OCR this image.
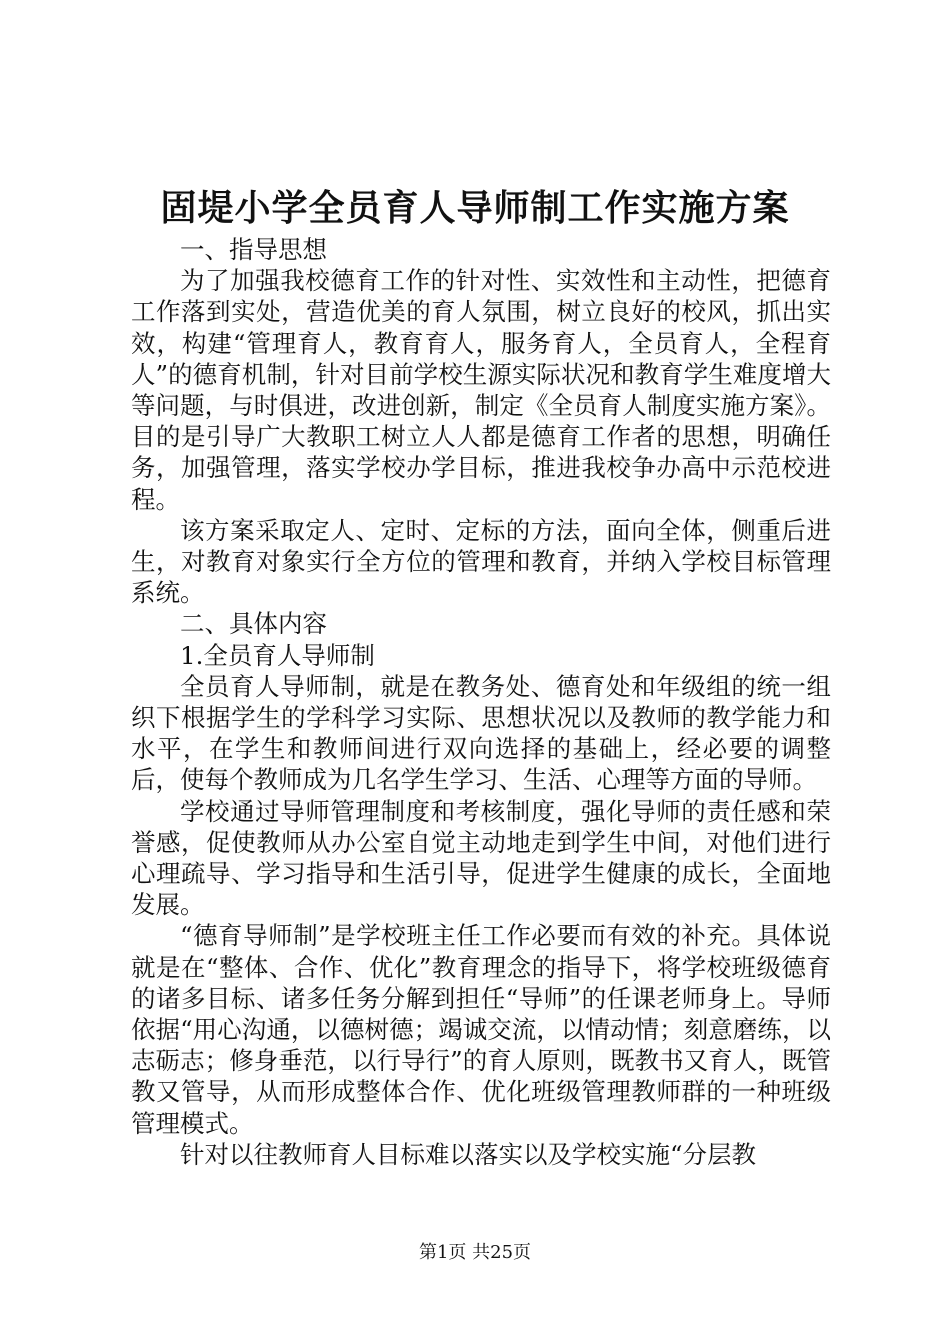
固堤小学全员育人导师制工作实施方案

一、指导思想

为了加强我校德育工作的针对性、实效性和主动性，把德育工作落到实处，营造优美的育人氛围，树立良好的校风，抓出实效，构建“管理育人，教育育人，服务育人，全员育人，全程育人”的德育机制，针对目前学校生源实际状况和教育学生难度增大等问题，与时俱进，改进创新，制定《全员育人制度实施方案》。目的是引导广大教职工树立人人都是德育工作者的思想，明确任务，加强管理，落实学校办学目标，推进我校争办高中示范校进程。

该方案采取定人、定时、定标的方法，面向全体，侧重后进生，对教育对象实行全方位的管理和教育，并纳入学校目标管理系统。

二、具体内容

1.全员育人导师制

全员育人导师制，就是在教务处、德育处和年级组的统一组织下根据学生的学科学习实际、思想状况以及教师的教学能力和水平，在学生和教师间进行双向选择的基础上，经必要的调整后，使每个教师成为几名学生学习、生活、心理等方面的导师。

学校通过导师管理制度和考核制度，强化导师的责任感和荣誉感，促使教师从办公室自觉主动地走到学生中间，对他们进行心理疏导、学习指导和生活引导，促进学生健康的成长，全面地发展。

“德育导师制”是学校班主任工作必要而有效的补充。具体说就是在“整体、合作、优化”教育理念的指导下，将学校班级德育的诸多目标、诸多任务分解到担任“导师”的任课老师身上。导师依据“用心沟通，以德树德；竭诚交流，以情动情；刻意磨练，以志砺志；修身垂范，以行导行”的育人原则，既教书又育人，既管教又管导，从而形成整体合作、优化班级管理教师群的一种班级管理模式。

针对以往教师育人目标难以落实以及学校实施“分层教

第1页 共25页
